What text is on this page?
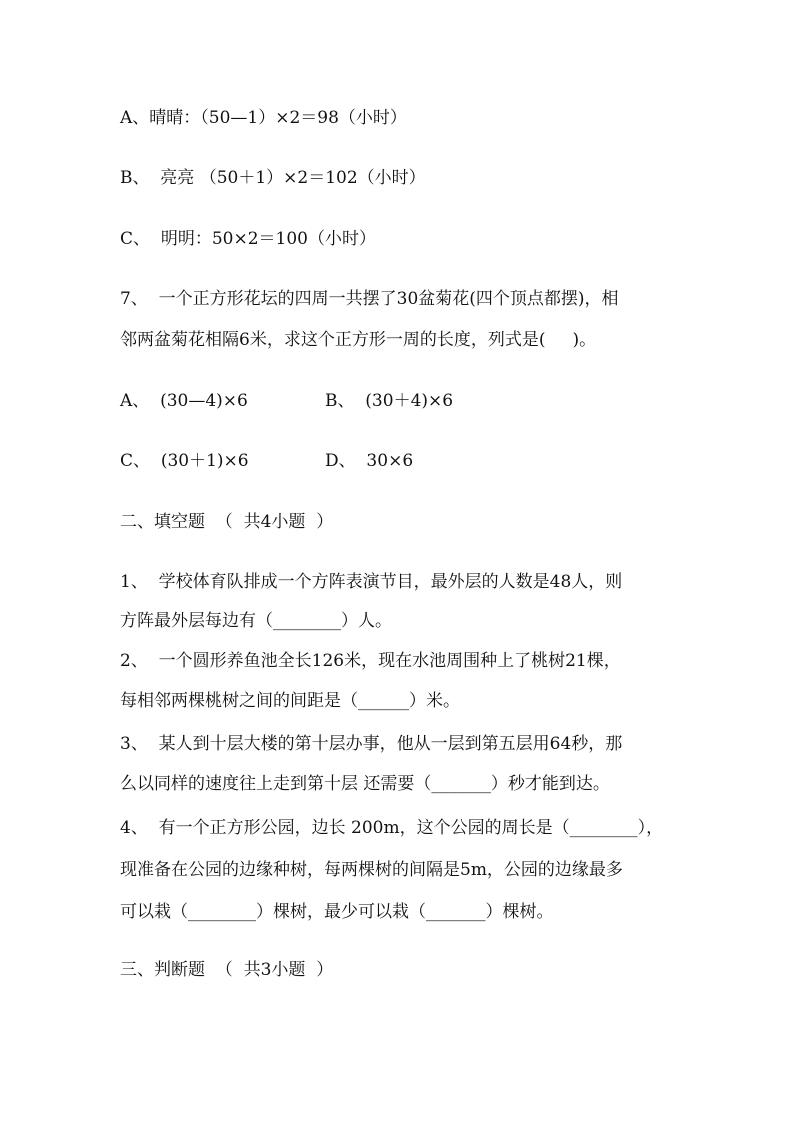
A、晴晴：（50—1）×2＝98（小时）
B、  亮亮 （50＋1）×2＝102（小时）
C、  明明：50×2＝100（小时）
7、  一个正方形花坛的四周一共摆了30盆菊花(四个顶点都摆)，相
邻两盆菊花相隔6米，求这个正方形一周的长度，列式是(     )。
A、  (30—4)×6	B、  (30＋4)×6
C、  (30＋1)×6	D、  30×6
二、填空题  （  共4小题  ）
1、  学校体育队排成一个方阵表演节目，最外层的人数是48人，则
方阵最外层每边有（________）人。
2、  一个圆形养鱼池全长126米，现在水池周围种上了桃树21棵，
每相邻两棵桃树之间的间距是（______）米。
3、  某人到十层大楼的第十层办事，他从一层到第五层用64秒，那
么以同样的速度往上走到第十层 还需要（_______）秒才能到达。
4、  有一个正方形公园，边长 200m，这个公园的周长是（________），
现准备在公园的边缘种树，每两棵树的间隔是5m，公园的边缘最多
可以栽（________）棵树，最少可以栽（_______）棵树。
三、判断题  （  共3小题  ）
